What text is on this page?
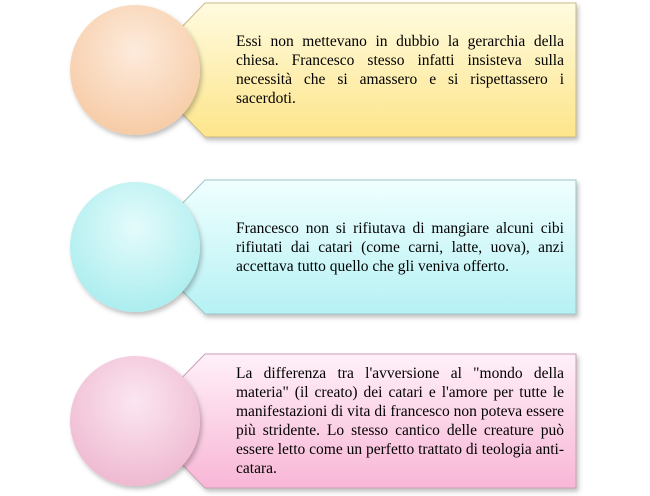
Essi non mettevano in dubbio la gerarchia della chiesa. Francesco stesso infatti insisteva sulla necessità che si amassero e si rispettassero i sacerdoti.
Francesco non si rifiutava di mangiare alcuni cibi rifiutati dai catari (come carni, latte, uova), anzi accettava tutto quello che gli veniva offerto.
La differenza tra l'avversione al "mondo della materia" (il creato) dei catari e l'amore per tutte le manifestazioni di vita di francesco non poteva essere più stridente. Lo stesso cantico delle creature può essere letto come un perfetto trattato di teologia anti-catara.
